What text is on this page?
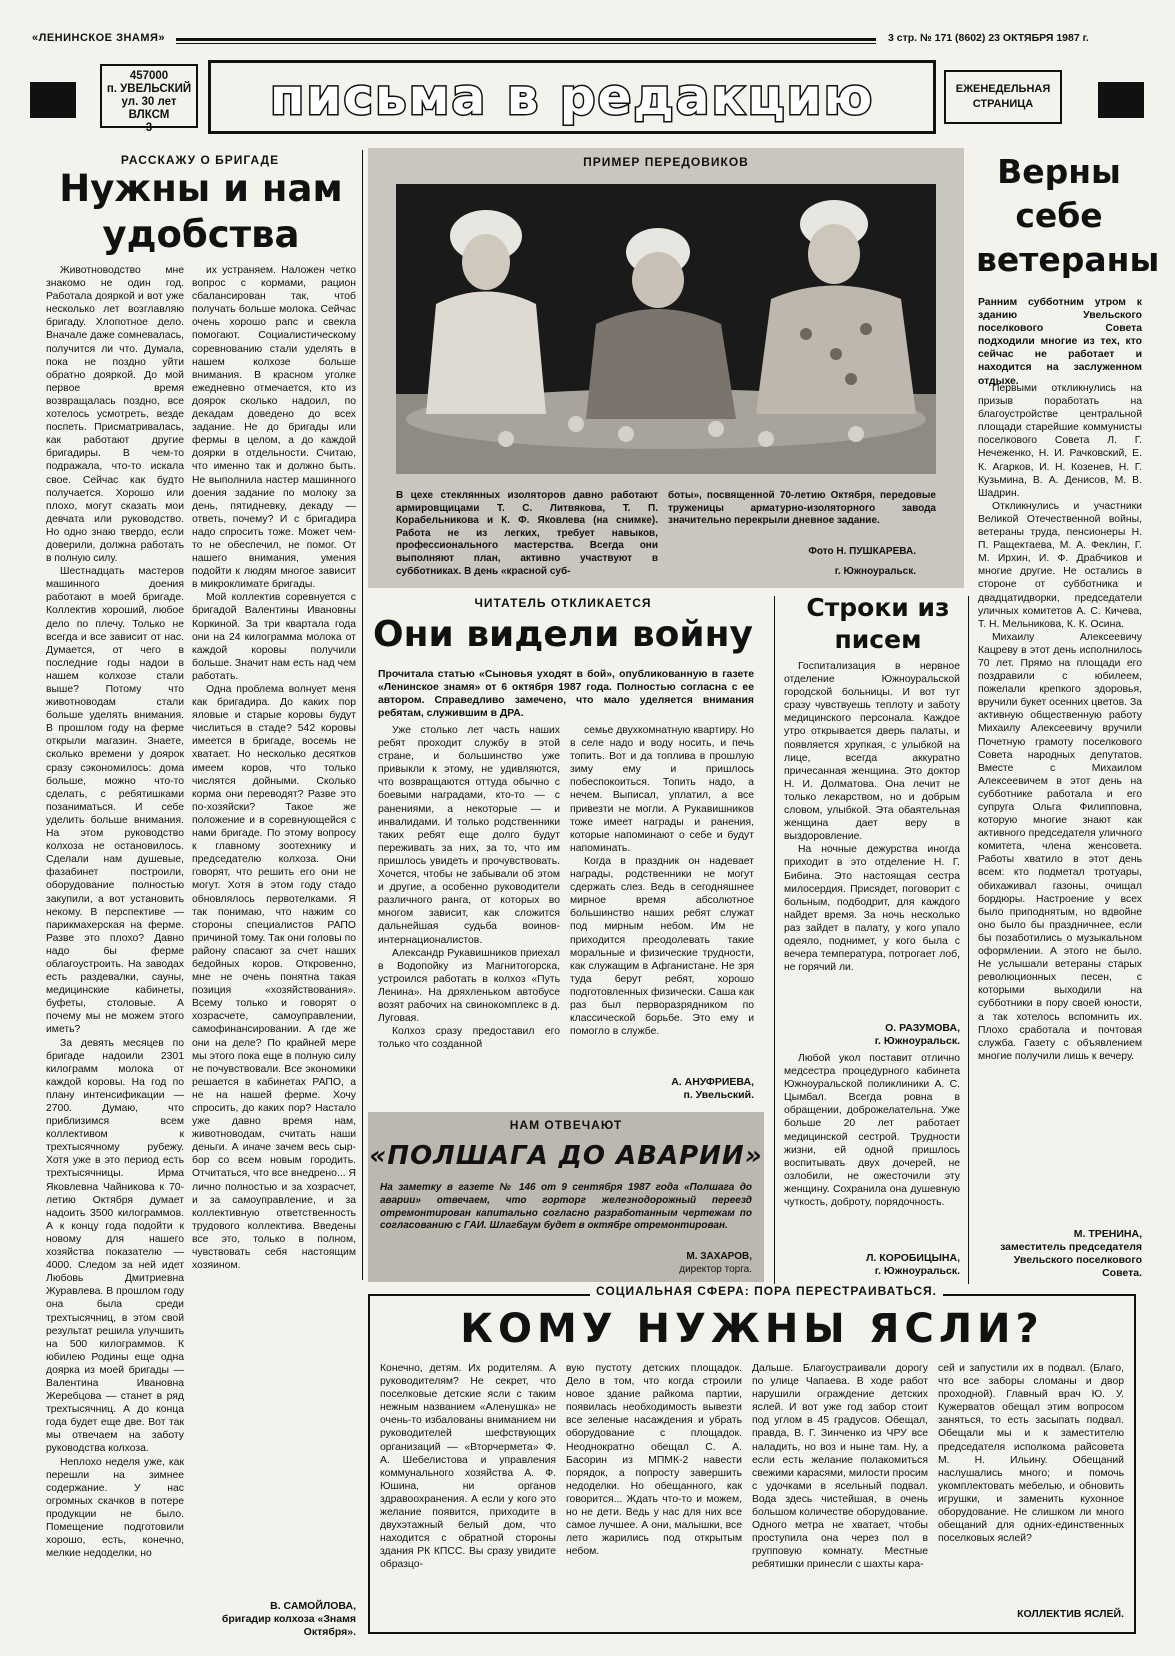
«ЛЕНИНСКОЕ ЗНАМЯ»	3 стр. № 171 (8602) 23 ОКТЯБРЯ 1987 г.
457000
п. УВЕЛЬСКИЙ
ул. 30 лет ВЛКСМ
3
письма в редакцию	ЕЖЕНЕДЕЛЬНАЯ
СТРАНИЦА
РАССКАЖУ О БРИГАДЕ
Нужны и нам удобства

Животноводство мне знакомо не один год. Работала дояркой и вот уже несколько лет возглавляю бригаду. Хлопотное дело. Вначале даже сомневалась, получится ли что. Думала, пока не поздно уйти обратно дояркой. До мой первое время возвращалась поздно, все хотелось усмотреть, везде поспеть. Присматривалась, как работают другие бригадиры. В чем-то подражала, что-то искала свое. Сейчас как будто получается. Хорошо или плохо, могут сказать мои девчата или руководство. Но одно знаю твердо, если доверили, должна работать в полную силу.

Шестнадцать мастеров машинного доения работают в моей бригаде. Коллектив хороший, любое дело по плечу. Только не всегда и все зависит от нас. Думается, от чего в последние годы надои в нашем колхозе стали выше? Потому что животноводам стали больше уделять внимания. В прошлом году на ферме открыли магазин. Знаете, сколько времени у доярок сразу сэкономилось: дома больше, можно что-то сделать, с ребятишками позаниматься. И себе уделить больше внимания. На этом руководство колхоза не остановилось. Сделали нам душевые, фазабинет построили, оборудование полностью закупили, а вот установить некому. В перспективе — парикмахерская на ферме. Разве это плохо? Давно надо бы ферме облагоустроить. На заводах есть раздевалки, сауны, медицинские кабинеты, буфеты, столовые. А почему мы не можем этого иметь?

За девять месяцев по бригаде надоили 2301 килограмм молока от каждой коровы. На год по плану интенсификации — 2700. Думаю, что приблизимся всем коллективом к трехтысячному рубежу. Хотя уже в это период есть трехтысячницы. Ирма Яковлевна Чайникова к 70-летию Октября думает надоить 3500 килограммов. А к концу года подойти к новому для нашего хозяйства показателю — 4000. Следом за ней идет Любовь Дмитриевна Журавлева. В прошлом году она была среди трехтысячниц, в этом свой результат решила улучшить на 500 килограммов. К юбилею Родины еще одна доярка из моей бригады — Валентина Ивановна Жеребцова — станет в ряд трехтысячниц. А до конца года будет еще две. Вот так мы отвечаем на заботу руководства колхоза.

Неплохо неделя уже, как перешли на зимнее содержание. У нас огромных скачков в потере продукции не было. Помещение подготовили хорошо, есть, конечно, мелкие недоделки, но

их устраняем. Наложен четко вопрос с кормами, рацион сбалансирован так, чтоб получать больше молока. Сейчас очень хорошо рапс и свекла помогают. Социалистическому соревнованию стали уделять в нашем колхозе больше внимания. В красном уголке ежедневно отмечается, кто из доярок сколько надоил, по декадам доведено до всех задание. Не до бригады или фермы в целом, а до каждой доярки в отдельности. Считаю, что именно так и должно быть. Не выполнила настер машинного доения задание по молоку за день, пятидневку, декаду — ответь, почему? И с бригадира надо спросить тоже. Может чем-то не обеспечил, не помог. От нашего внимания, умения подойти к людям многое зависит в микроклимате бригады.

Мой коллектив соревнуется с бригадой Валентины Ивановны Коркиной. За три квартала года они на 24 килограмма молока от каждой коровы получили больше. Значит нам есть над чем работать.

Одна проблема волнует меня как бригадира. До каких пор яловые и старые коровы будут числиться в стаде? 542 коровы имеется в бригаде, восемь не хватает. Но несколько десятков имеем коров, что только числятся дойными. Сколько корма они переводят? Разве это по-хозяйски? Такое же положение и в соревнующейся с нами бригаде. По этому вопросу к главному зоотехнику и председателю колхоза. Они говорят, что решить его они не могут. Хотя в этом году стадо обновлялось первотелками. Я так понимаю, что нажим со стороны специалистов РАПО причиной тому. Так они головы по району спасают за счет наших бедойных коров. Откровенно, мне не очень понятна такая позиция «хозяйствования». Всему только и говорят о хозрасчете, самоуправлении, самофинансировании. А где же они на деле? По крайней мере мы этого пока еще в полную силу не почувствовали. Все экономики решается в кабинетах РАПО, а не на нашей ферме. Хочу спросить, до каких пор? Настало уже давно время нам, животноводам, считать наши деньги. А иначе зачем весь сыр-бор со всем новым городить. Отчитаться, что все внедрено... Я лично полностью и за хозрасчет, и за самоуправление, и за коллективную ответственность трудового коллектива. Введены все это, только в полном, чувствовать себя настоящим хозяином.

В. САМОЙЛОВА,
бригадир колхоза «Знамя Октября».
ПРИМЕР ПЕРЕДОВИКОВ
В цехе стеклянных изоляторов давно работают армировщицами Т. С. Литвякова, Т. П. Корабельникова и К. Ф. Яковлева (на снимке). Работа не из легких, требует навыков, профессионального мастерства. Всегда они выполняют план, активно участвуют в субботниках. В день «красной суб-
боты», посвященной 70-летию Октября, передовые труженицы арматурно-изоляторного завода значительно перекрыли дневное задание.
Фото Н. ПУШКАРЕВА.
г. Южноуральск.
ЧИТАТЕЛЬ ОТКЛИКАЕТСЯ
Они видели войну
Прочитала статью «Сыновья уходят в бой», опубликованную в газете «Ленинское знамя» от 6 октября 1987 года. Полностью согласна с ее автором. Справедливо замечено, что мало уделяется внимания ребятам, служившим в ДРА.

Уже столько лет часть наших ребят проходит службу в этой стране, и большинство уже привыкли к этому, не удивляются, что возвращаются оттуда обычно с боевыми наградами, кто-то — с ранениями, а некоторые — и инвалидами. И только родственники таких ребят еще долго будут переживать за них, за то, что им пришлось увидеть и прочувствовать. Хочется, чтобы не забывали об этом и другие, а особенно руководители различного ранга, от которых во многом зависит, как сложится дальнейшая судьба воинов-интернационалистов.

Александр Рукавишников приехал в Водопойку из Магнитогорска, устроился работать в колхоз «Путь Ленина». На дряхленьком автобусе возят рабочих на свинокомплекс в д. Луговая.

Колхоз сразу предоставил его только что созданной

семье двухкомнатную квартиру. Но в селе надо и воду носить, и печь топить. Вот и да топлива в прошлую зиму ему и пришлось побеспокоиться. Топить надо, а нечем. Выписал, уплатил, а все привезти не могли. А Рукавишников тоже имеет награды и ранения, которые напоминают о себе и будут напоминать.

Когда в праздник он надевает награды, родственники не могут сдержать слез. Ведь в сегодняшнее мирное время абсолютное большинство наших ребят служат под мирным небом. Им не приходится преодолевать такие моральные и физические трудности, как служащим в Афганистане. Не зря туда берут ребят, хорошо подготовленных физически. Саша как раз был перворазрядником по классической борьбе. Это ему и помогло в службе.

А. АНУФРИЕВА,
п. Увельский.
НАМ ОТВЕЧАЮТ
«ПОЛШАГА ДО АВАРИИ»
На заметку в газете № 146 от 9 сентября 1987 года «Полшага до аварии» отвечаем, что горторг железнодорожный переезд отремонтирован капитально согласно разработанным чертежам по согласованию с ГАИ. Шлагбаум будет в октябре отремонтирован.
М. ЗАХАРОВ,
директор торга.
Строки из писем

Госпитализация в нервное отделение Южноуральской городской больницы. И вот тут сразу чувствуешь теплоту и заботу медицинского персонала. Каждое утро открывается дверь палаты, и появляется хрупкая, с улыбкой на лице, всегда аккуратно причесанная женщина. Это доктор Н. И. Долматова. Она лечит не только лекарством, но и добрым словом, улыбкой. Эта обаятельная женщина дает веру в выздоровление.

На ночные дежурства иногда приходит в это отделение Н. Г. Бибина. Это настоящая сестра милосердия. Присядет, поговорит с больным, подбодрит, для каждого найдет время. За ночь несколько раз зайдет в палату, у кого упало одеяло, поднимет, у кого была с вечера температура, потрогает лоб, не горячий ли.

О. РАЗУМОВА,
г. Южноуральск.

Любой укол поставит отлично медсестра процедурного кабинета Южноуральской поликлиники А. С. Цымбал. Всегда ровна в обращении, доброжелательна. Уже больше 20 лет работает медицинской сестрой. Трудности жизни, ей одной пришлось воспитывать двух дочерей, не озлобили, не ожесточили эту женщину. Сохранила она душевную чуткость, доброту, порядочность.

Л. КОРОБИЦЫНА,
г. Южноуральск.
Верны себе ветераны
Ранним субботним утром к зданию Увельского поселкового Совета подходили многие из тех, кто сейчас не работает и находится на заслуженном отдыхе.

Первыми откликнулись на призыв поработать на благоустройстве центральной площади старейшие коммунисты поселкового Совета Л. Г. Нечеженко, Н. И. Рачковский, Е. К. Агарков, И. Н. Козенев, Н. Г. Кузьмина, В. А. Денисов, М. В. Шадрин.

Откликнулись и участники Великой Отечественной войны, ветераны труда, пенсионеры Н. П. Ращектаева, М. А. Феклин, Г. М. Ирхин, И. Ф. Драбчиков и многие другие. Не остались в стороне от субботника и двадцатидворки, председатели уличных комитетов А. С. Кичева, Т. Н. Мельникова, К. К. Осина.

Михаилу Алексеевичу Кацреву в этот день исполнилось 70 лет. Прямо на площади его поздравили с юбилеем, пожелали крепкого здоровья, вручили букет осенних цветов. За активную общественную работу Михаилу Алексеевичу вручили Почетную грамоту поселкового Совета народных депутатов. Вместе с Михаилом Алексеевичем в этот день на субботнике работала и его супруга Ольга Филипповна, которую многие знают как активного председателя уличного комитета, члена женсовета. Работы хватило в этот день всем: кто подметал тротуары, обихаживал газоны, очищал бордюры. Настроение у всех было приподнятым, но вдвойне оно было бы праздничнее, если бы позаботились о музыкальном оформлении. А этого не было. Не услышали ветераны старых революционных песен, с которыми выходили на субботники в пору своей юности, а так хотелось вспомнить их. Плохо сработала и почтовая служба. Газету с объявлением многие получили лишь к вечеру.

М. ТРЕНИНА,
заместитель председателя Увельского поселкового Совета.
СОЦИАЛЬНАЯ СФЕРА: ПОРА ПЕРЕСТРАИВАТЬСЯ.
КОМУ НУЖНЫ ЯСЛИ?
Конечно, детям. Их родителям. А руководителям? Не секрет, что поселковые детские ясли с таким нежным названием «Аленушка» не очень-то избалованы вниманием ни руководителей шефствующих организаций — «Вторчермета» Ф. А. Шебелистова и управления коммунального хозяйства А. Ф. Юшина, ни органов здравоохранения. А если у кого это желание появится, приходите в двухэтажный белый дом, что находится с обратной стороны здания РК КПСС. Вы сразу увидите образцо-
вую пустоту детских площадок. Дело в том, что когда строили новое здание райкома партии, появилась необходимость вывезти все зеленые насаждения и убрать оборудование с площадок. Неоднократно обещал С. А. Басорин из МПМК-2 навести порядок, а попросту завершить недоделки. Но обещанного, как говорится... Ждать что-то и можем, но не дети. Ведь у нас для них все самое лучшее. А они, малышки, все лето жарились под открытым небом.
Дальше. Благоустраивали дорогу по улице Чапаева. В ходе работ нарушили ограждение детских яслей. И вот уже год забор стоит под углом в 45 градусов. Обещал, правда, В. Г. Зинченко из ЧРУ все наладить, но воз и ныне там. Ну, а если есть желание полакомиться свежими карасями, милости просим с удочками в ясельный подвал. Вода здесь чистейшая, в очень большом количестве оборудование. Одного метра не хватает, чтобы проступила она через пол в групповую комнату. Местные ребятишки принесли с шахты кара-
сей и запустили их в подвал. (Благо, что все заборы сломаны и двор проходной). Главный врач Ю. У. Кужерватов обещал этим вопросом заняться, то есть засыпать подвал. Обещали мы и к заместителю председателя исполкома райсовета М. Н. Ильину. Обещаний наслушались много; и помочь укомплектовать мебелью, и обновить игрушки, и заменить кухонное оборудование. Не слишком ли много обещаний для одних-единственных поселковых яслей?
КОЛЛЕКТИВ ЯСЛЕЙ.
